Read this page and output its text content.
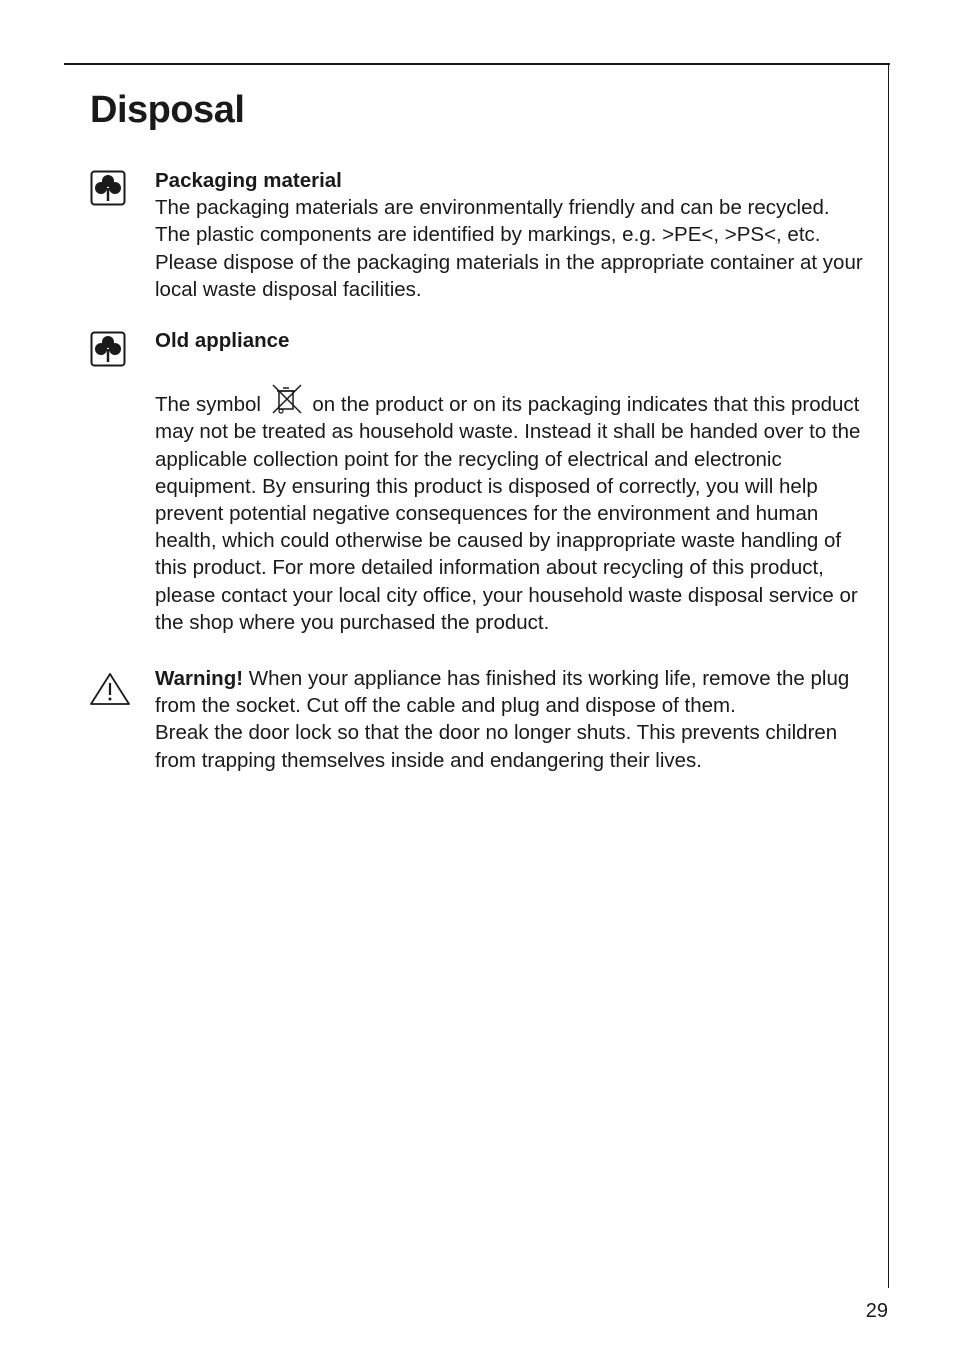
Disposal

Packaging material

The packaging materials are environmentally friendly and can be recycled. The plastic components are identified by markings, e.g. >PE<, >PS<, etc. Please dispose of the packaging materials in the appropriate container at your local waste disposal facilities.

Old appliance

The symbol	on the product or on its packaging indicates that this product may not be treated as household waste. Instead it shall be handed over to the applicable collection point for the recycling of electrical and electronic equipment. By ensuring this product is disposed of correctly, you will help prevent potential negative consequences for the environment and human health, which could otherwise be caused by inappropriate waste handling of this product. For more detailed information about recycling of this product, please contact your local city office, your household waste disposal service or the shop where you purchased the product.

Warning! When your appliance has finished its working life, remove the plug from the socket. Cut off the cable and plug and dispose of them.

Break the door lock so that the door no longer shuts. This prevents children from trapping themselves inside and endangering their lives.

29
